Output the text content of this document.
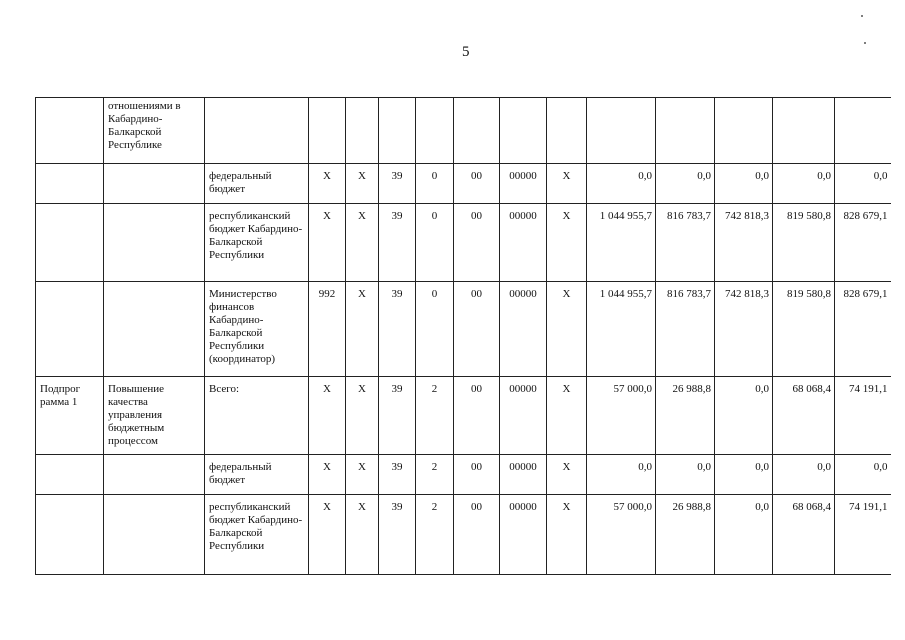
5
	отношениями в Кабардино-Балкарской Республике													
		федеральный бюджет	X	X	39	0	00	00000	X	0,0	0,0	0,0	0,0	0,0
		республиканский бюджет Кабардино-Балкарской Республики	X	X	39	0	00	00000	X	1 044 955,7	816 783,7	742 818,3	819 580,8	828 679,1
		Министерство финансов Кабардино-Балкарской Республики (координатор)	992	X	39	0	00	00000	X	1 044 955,7	816 783,7	742 818,3	819 580,8	828 679,1
Подпрог рамма 1	Повышение качества управления бюджетным процессом	Всего:	X	X	39	2	00	00000	X	57 000,0	26 988,8	0,0	68 068,4	74 191,1
		федеральный бюджет	X	X	39	2	00	00000	X	0,0	0,0	0,0	0,0	0,0
		республиканский бюджет Кабардино-Балкарской Республики	X	X	39	2	00	00000	X	57 000,0	26 988,8	0,0	68 068,4	74 191,1
